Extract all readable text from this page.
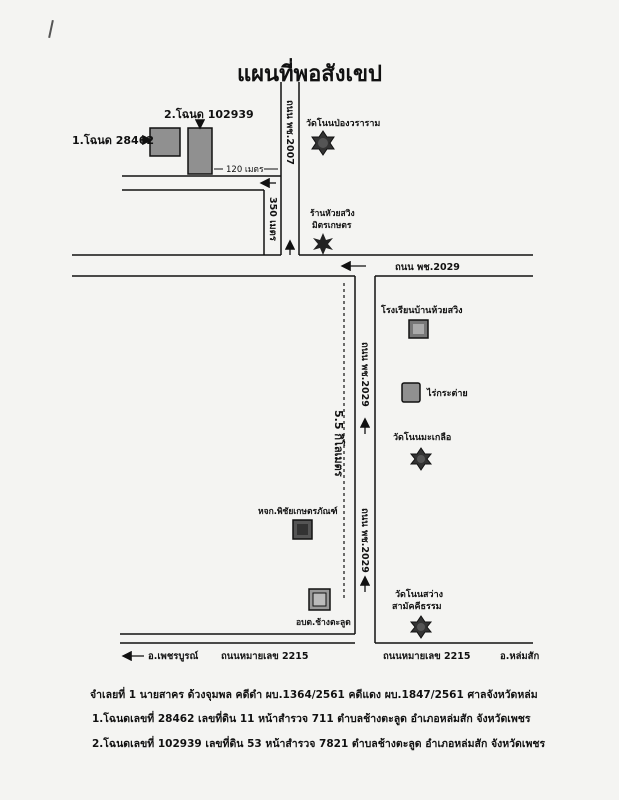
แผนที่พอสังเขป
1.โฉนด 28462
2.โฉนด 102939
120 เมตร
350 เมตร
ถนน พช.2007
ถนน พช.2029
ถนน พช.2029
ถนน พช.2029
5.5 กิโลเมตร
ถนนหมายเลข 2215	ถนนหมายเลข 2215
อ.เพชรบูรณ์	อ.หล่มสัก
วัดโนนป่องวราราม
ร้านหัวยสวิง
มิตรเกษตร
โรงเรียนบ้านห้วยสวิง
ไร่กระต่าย
วัดโนนมะเกลือ
หจก.พิชัยเกษตรภัณฑ์
อบต.ช้างตะลูด
วัดโนนสว่าง
สามัคคีธรรม
จำเลยที่ 1 นายสาคร ด้วงจุมพล คดีดำ ผบ.1364/2561 คดีแดง ผบ.1847/2561 ศาลจังหวัดหล่ม
1.โฉนดเลขที่ 28462 เลขที่ดิน 11 หน้าสำรวจ 711 ตำบลช้างตะลูด อำเภอหล่มสัก จังหวัดเพชร
2.โฉนดเลขที่ 102939 เลขที่ดิน 53 หน้าสำรวจ 7821 ตำบลช้างตะลูด อำเภอหล่มสัก จังหวัดเพชร
